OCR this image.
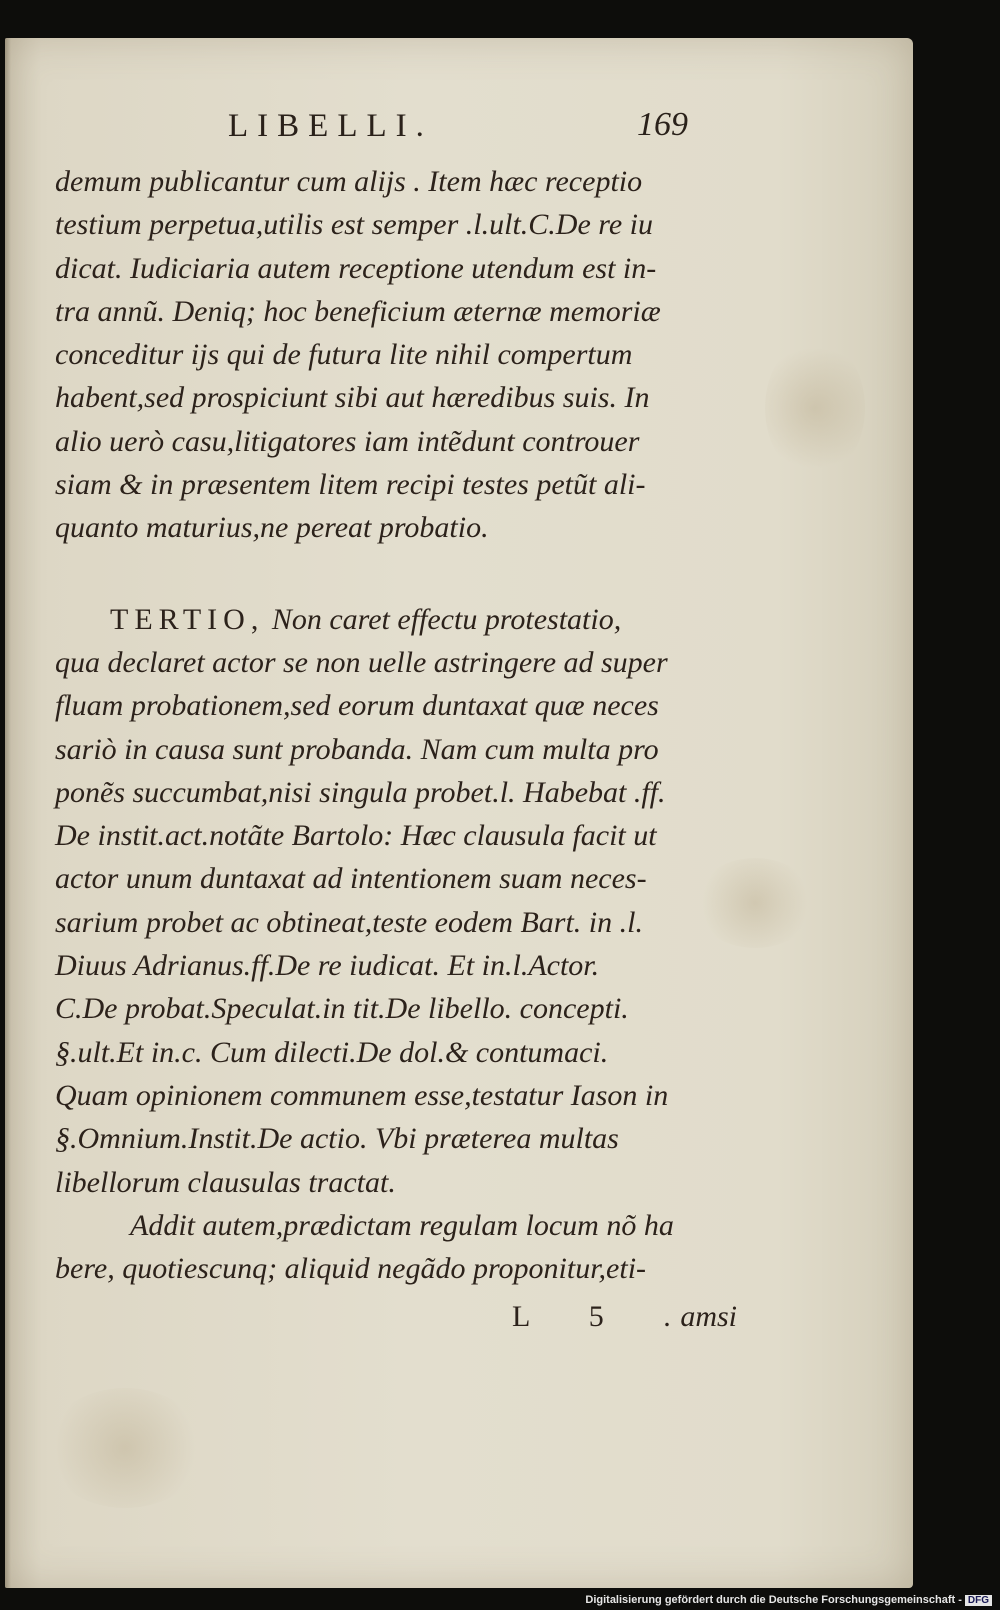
LIBELLI.	169
demum publicantur cum alijs . Item hæc receptio
testium perpetua,utilis est semper .l.ult.C.De re iu
dicat. Iudiciaria autem receptione utendum est in-
tra annũ. Deniq; hoc beneficium æternæ memoriæ
conceditur ijs qui de futura lite nihil compertum
habent,sed prospiciunt sibi aut hæredibus suis. In
alio uerò casu,litigatores iam intẽdunt controuer
siam & in præsentem litem recipi testes petũt ali-
quanto maturius,ne pereat probatio.
TERTIO, Non caret effectu protestatio,
qua declaret actor se non uelle astringere ad super
fluam probationem,sed eorum duntaxat quæ neces
sariò in causa sunt probanda. Nam cum multa pro
ponẽs succumbat,nisi singula probet.l. Habebat .ff.
De instit.act.notãte Bartolo: Hæc clausula facit ut
actor unum duntaxat ad intentionem suam neces-
sarium probet ac obtineat,teste eodem Bart. in .l.
Diuus Adrianus.ff.De re iudicat. Et in.l.Actor.
C.De probat.Speculat.in tit.De libello. concepti.
§.ult.Et in.c. Cum dilecti.De dol.& contumaci.
Quam opinionem communem esse,testatur Iason in
§.Omnium.Instit.De actio. Vbi præterea multas
libellorum clausulas tractat.
Addit autem,prædictam regulam locum nõ ha
bere, quotiescunq; aliquid negãdo proponitur,eti-
L 5 .
amsi
Digitalisierung gefördert durch die Deutsche Forschungsgemeinschaft - DFG
